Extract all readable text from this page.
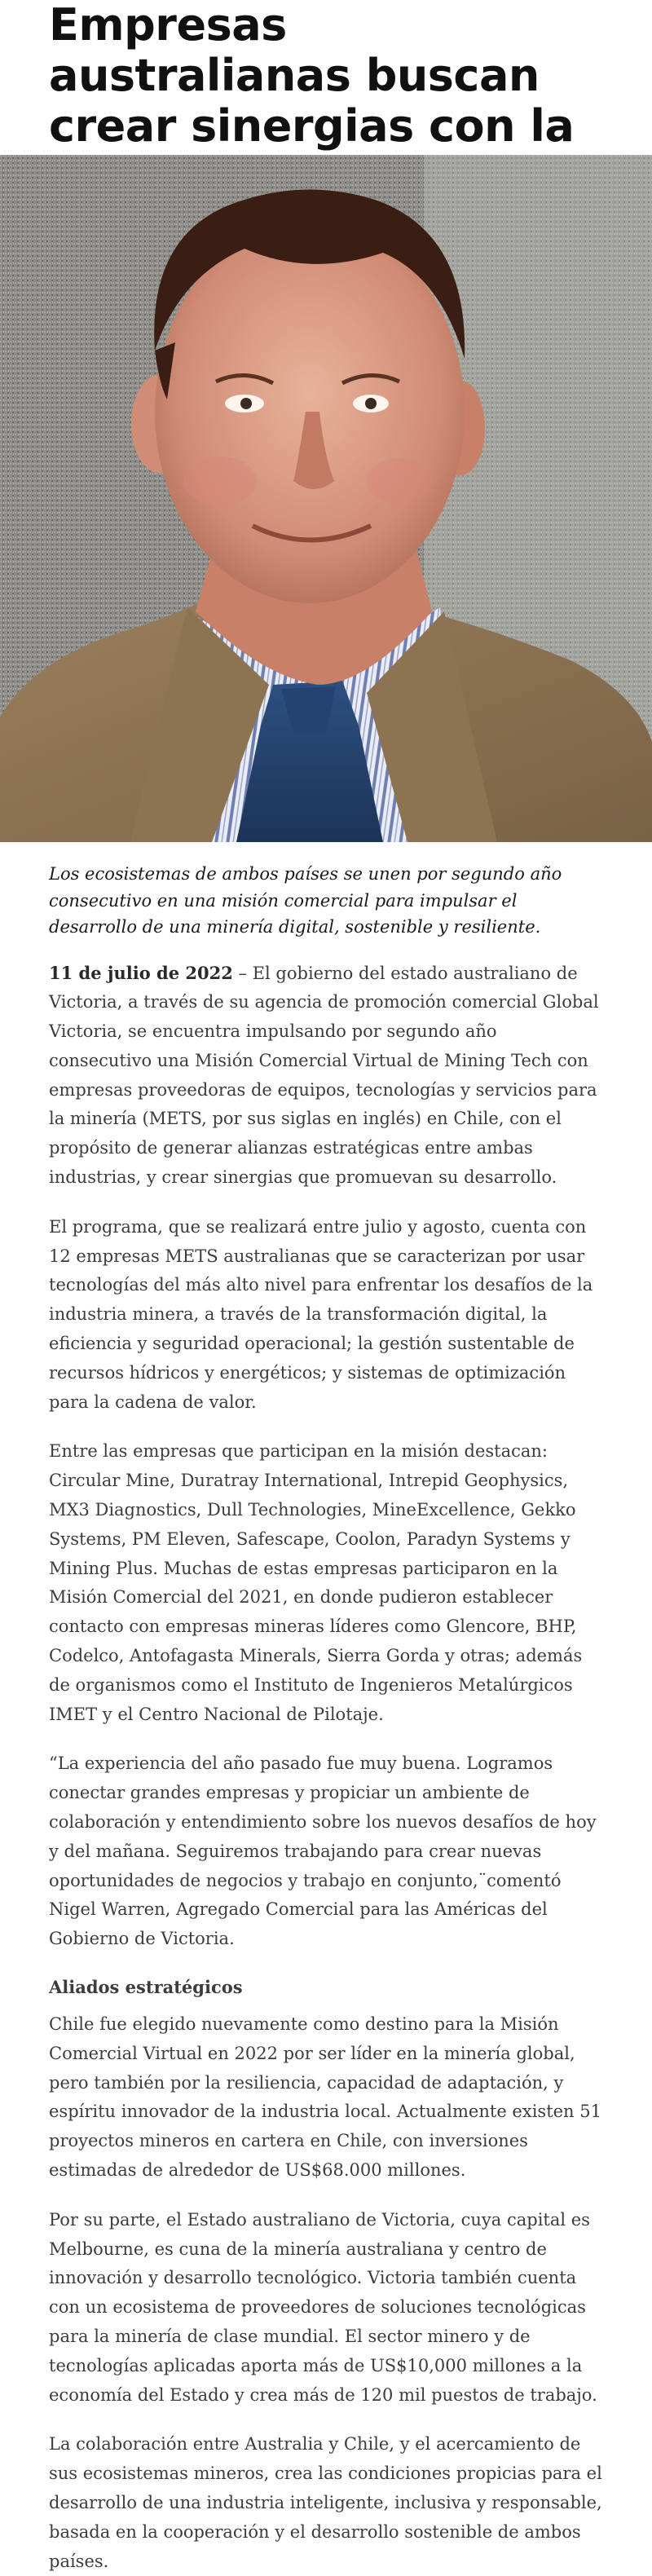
Empresas australianas buscan crear sinergias con la

Los ecosistemas de ambos países se unen por segundo año consecutivo en una misión comercial para impulsar el desarrollo de una minería digital, sostenible y resiliente.

11 de julio de 2022 – El gobierno del estado australiano de Victoria, a través de su agencia de promoción comercial Global Victoria, se encuentra impulsando por segundo año consecutivo una Misión Comercial Virtual de Mining Tech con empresas proveedoras de equipos, tecnologías y servicios para la minería (METS, por sus siglas en inglés) en Chile, con el propósito de generar alianzas estratégicas entre ambas industrias, y crear sinergias que promuevan su desarrollo.

El programa, que se realizará entre julio y agosto, cuenta con 12 empresas METS australianas que se caracterizan por usar tecnologías del más alto nivel para enfrentar los desafíos de la industria minera, a través de la transformación digital, la eficiencia y seguridad operacional; la gestión sustentable de recursos hídricos y energéticos; y sistemas de optimización para la cadena de valor.

Entre las empresas que participan en la misión destacan: Circular Mine, Duratray International, Intrepid Geophysics, MX3 Diagnostics, Dull Technologies, MineExcellence, Gekko Systems, PM Eleven, Safescape, Coolon, Paradyn Systems y Mining Plus. Muchas de estas empresas participaron en la Misión Comercial del 2021, en donde pudieron establecer contacto con empresas mineras líderes como Glencore, BHP, Codelco, Antofagasta Minerals, Sierra Gorda y otras; además de organismos como el Instituto de Ingenieros Metalúrgicos IMET y el Centro Nacional de Pilotaje.

“La experiencia del año pasado fue muy buena. Logramos conectar grandes empresas y propiciar un ambiente de colaboración y entendimiento sobre los nuevos desafíos de hoy y del mañana. Seguiremos trabajando para crear nuevas oportunidades de negocios y trabajo en conjunto,¨comentó Nigel Warren, Agregado Comercial para las Américas del Gobierno de Victoria.

Aliados estratégicos

Chile fue elegido nuevamente como destino para la Misión Comercial Virtual en 2022 por ser líder en la minería global, pero también por la resiliencia, capacidad de adaptación, y espíritu innovador de la industria local. Actualmente existen 51 proyectos mineros en cartera en Chile, con inversiones estimadas de alrededor de US$68.000 millones.

Por su parte, el Estado australiano de Victoria, cuya capital es Melbourne, es cuna de la minería australiana y centro de innovación y desarrollo tecnológico. Victoria también cuenta con un ecosistema de proveedores de soluciones tecnológicas para la minería de clase mundial. El sector minero y de tecnologías aplicadas aporta más de US$10,000 millones a la economía del Estado y crea más de 120 mil puestos de trabajo.

La colaboración entre Australia y Chile, y el acercamiento de sus ecosistemas mineros, crea las condiciones propicias para el desarrollo de una industria inteligente, inclusiva y responsable, basada en la cooperación y el desarrollo sostenible de ambos países.
